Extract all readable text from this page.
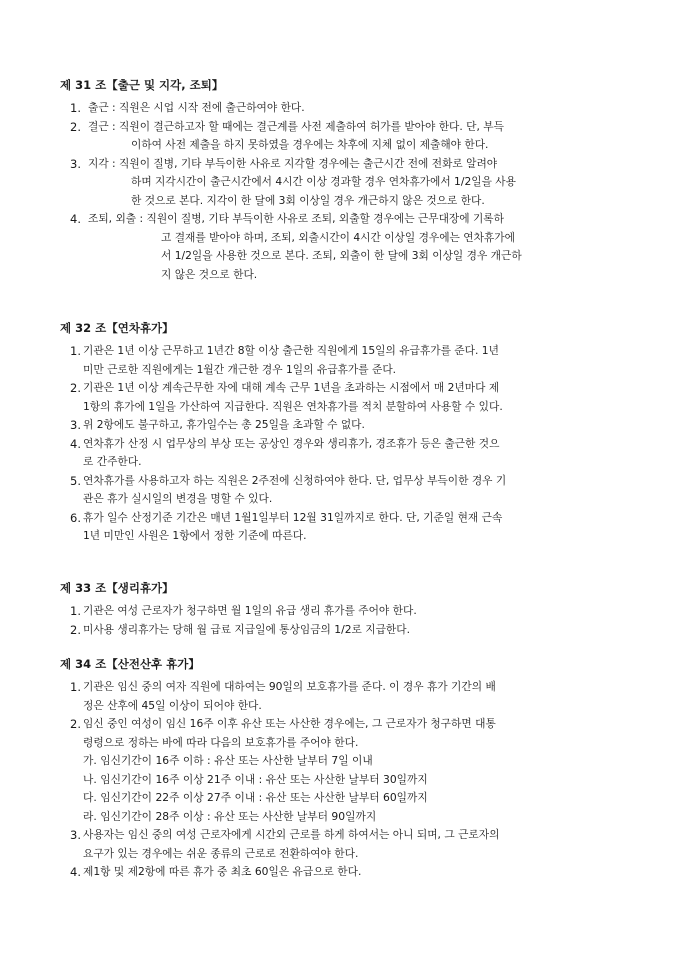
제 31 조【출근 및 지각, 조퇴】
1. 출근 : 직원은 시업 시작 전에 출근하여야 한다.
2. 결근 : 직원이 결근하고자 할 때에는 결근계를 사전 제출하여 허가를 받아야 한다. 단, 부득
이하여 사전 제출을 하지 못하였을 경우에는 차후에 지체 없이 제출해야 한다.
3. 지각 : 직원이 질병, 기타 부득이한 사유로 지각할 경우에는 출근시간 전에 전화로 알려야
하며 지각시간이 출근시간에서 4시간 이상 경과할 경우 연차휴가에서 1/2일을 사용
한 것으로 본다. 지각이 한 달에 3회 이상일 경우 개근하지 않은 것으로 한다.
4. 조퇴, 외출 : 직원이 질병, 기타 부득이한 사유로 조퇴, 외출할 경우에는 근무대장에 기록하
고 결재를 받아야 하며, 조퇴, 외출시간이 4시간 이상일 경우에는 연차휴가에
서 1/2일을 사용한 것으로 본다. 조퇴, 외출이 한 달에 3회 이상일 경우 개근하
지 않은 것으로 한다.
제 32 조【연차휴가】
1. 기관은 1년 이상 근무하고 1년간 8할 이상 출근한 직원에게 15일의 유급휴가를 준다. 1년
미만 근로한 직원에게는 1월간 개근한 경우 1일의 유급휴가를 준다.
2. 기관은 1년 이상 계속근무한 자에 대해 계속 근무 1년을 초과하는 시점에서 매 2년마다 제
1항의 휴가에 1일을 가산하여 지급한다. 직원은 연차휴가를 적치 분할하여 사용할 수 있다.
3. 위 2항에도 불구하고, 휴가일수는 총 25일을 초과할 수 없다.
4. 연차휴가 산정 시 업무상의 부상 또는 공상인 경우와 생리휴가, 경조휴가 등은 출근한 것으
로 간주한다.
5. 연차휴가를 사용하고자 하는 직원은 2주전에 신청하여야 한다. 단, 업무상 부득이한 경우 기
관은 휴가 실시일의 변경을 명할 수 있다.
6. 휴가 일수 산정기준 기간은 매년 1월1일부터 12월 31일까지로 한다. 단, 기준일 현재 근속
1년 미만인 사원은 1항에서 정한 기준에 따른다.
제 33 조【생리휴가】
1. 기관은 여성 근로자가 청구하면 월 1일의 유급 생리 휴가를 주어야 한다.
2. 미사용 생리휴가는 당해 월 급료 지급일에 통상임금의 1/2로 지급한다.
제 34 조【산전산후 휴가】
1. 기관은 임신 중의 여자 직원에 대하여는 90일의 보호휴가를 준다. 이 경우 휴가 기간의 배
정은 산후에 45일 이상이 되어야 한다.
2. 임신 중인 여성이 임신 16주 이후 유산 또는 사산한 경우에는, 그 근로자가 청구하면 대통
령령으로 정하는 바에 따라 다음의 보호휴가를 주어야 한다.
가. 임신기간이 16주 이하 : 유산 또는 사산한 날부터 7일 이내
나. 임신기간이 16주 이상 21주 이내 : 유산 또는 사산한 날부터 30일까지
다. 임신기간이 22주 이상 27주 이내 : 유산 또는 사산한 날부터 60일까지
라. 임신기간이 28주 이상 : 유산 또는 사산한 날부터 90일까지
3. 사용자는 임신 중의 여성 근로자에게 시간외 근로를 하게 하여서는 아니 되며, 그 근로자의
요구가 있는 경우에는 쉬운 종류의 근로로 전환하여야 한다.
4. 제1항 및 제2항에 따른 휴가 중 최초 60일은 유급으로 한다.
